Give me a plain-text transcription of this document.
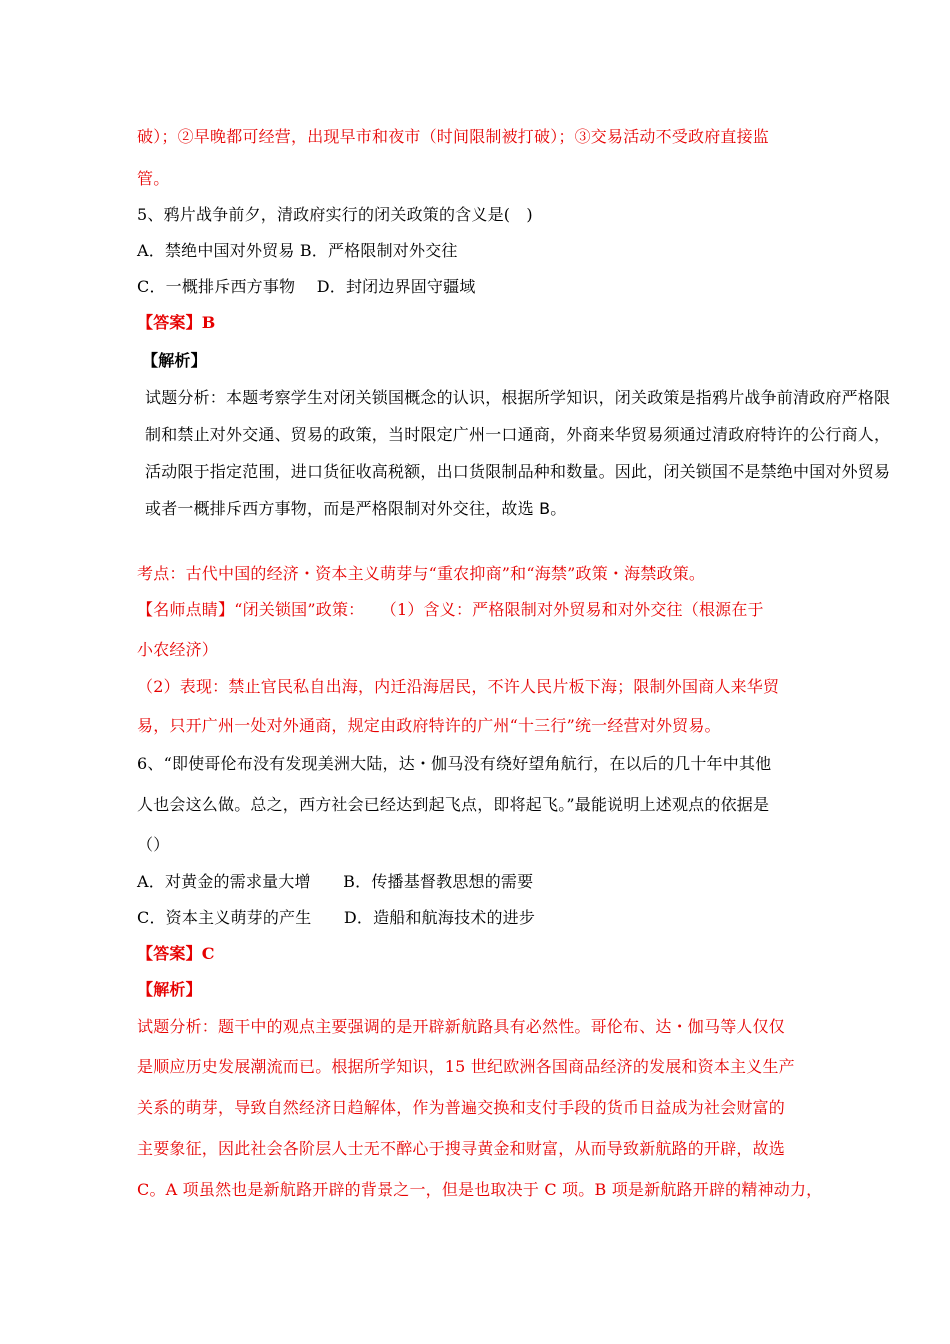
破）；②早晚都可经营，出现早市和夜市（时间限制被打破）；③交易活动不受政府直接监
管。
5、鸦片战争前夕，清政府实行的闭关政策的含义是(　)
A．禁绝中国对外贸易 B．严格限制对外交往
C．一概排斥西方事物　 D．封闭边界固守疆域
【答案】B
【解析】
试题分析：本题考察学生对闭关锁国概念的认识，根据所学知识，闭关政策是指鸦片战争前清政府严格限
制和禁止对外交通、贸易的政策，当时限定广州一口通商，外商来华贸易须通过清政府特许的公行商人，
活动限于指定范围，进口货征收高税额，出口货限制品种和数量。因此，闭关锁国不是禁绝中国对外贸易
或者一概排斥西方事物，而是严格限制对外交往，故选 B。
考点：古代中国的经济・资本主义萌芽与“重农抑商”和“海禁”政策・海禁政策。
【名师点睛】“闭关锁国”政策：　　（1）含义：严格限制对外贸易和对外交往（根源在于
小农经济）
（2）表现：禁止官民私自出海，内迁沿海居民，不许人民片板下海；限制外国商人来华贸
易，只开广州一处对外通商，规定由政府特许的广州“十三行”统一经营对外贸易。
6、“即使哥伦布没有发现美洲大陆，达・伽马没有绕好望角航行，在以后的几十年中其他
人也会这么做。总之，西方社会已经达到起飞点，即将起飞。”最能说明上述观点的依据是
（）
A．对黄金的需求量大增　　B．传播基督教思想的需要
C．资本主义萌芽的产生　　D．造船和航海技术的进步
【答案】C
【解析】
试题分析：题干中的观点主要强调的是开辟新航路具有必然性。哥伦布、达・伽马等人仅仅
是顺应历史发展潮流而已。根据所学知识，15 世纪欧洲各国商品经济的发展和资本主义生产
关系的萌芽，导致自然经济日趋解体，作为普遍交换和支付手段的货币日益成为社会财富的
主要象征，因此社会各阶层人士无不醉心于搜寻黄金和财富，从而导致新航路的开辟，故选
C。A 项虽然也是新航路开辟的背景之一，但是也取决于 C 项。B 项是新航路开辟的精神动力，
